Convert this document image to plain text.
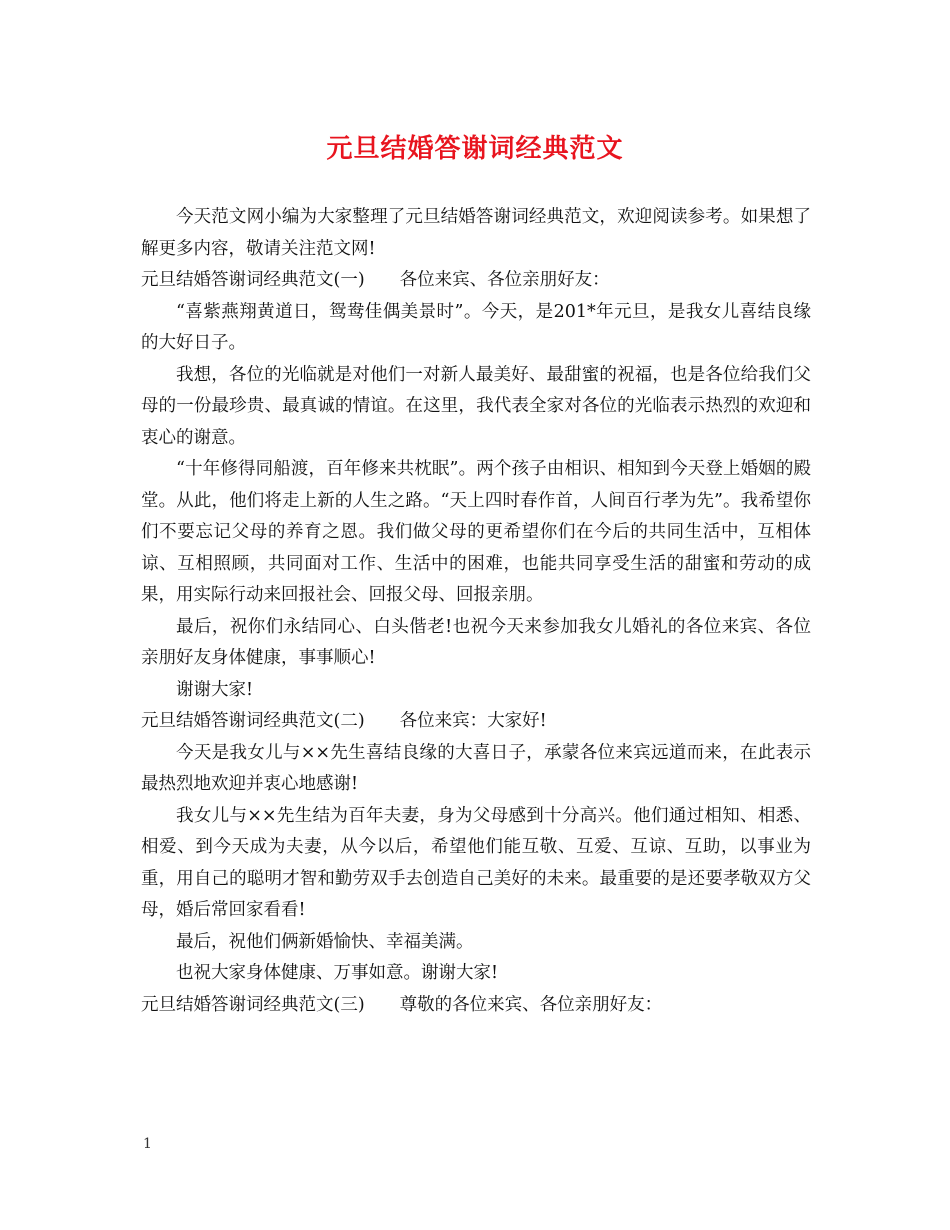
元旦结婚答谢词经典范文

今天范文网小编为大家整理了元旦结婚答谢词经典范文，欢迎阅读参考。如果想了解更多内容，敬请关注范文网!

元旦结婚答谢词经典范文(一)　　各位来宾、各位亲朋好友：

“喜紫燕翔黄道日，鸳鸯佳偶美景时”。今天，是201*年元旦，是我女儿喜结良缘的大好日子。

我想，各位的光临就是对他们一对新人最美好、最甜蜜的祝福，也是各位给我们父母的一份最珍贵、最真诚的情谊。在这里，我代表全家对各位的光临表示热烈的欢迎和衷心的谢意。

“十年修得同船渡，百年修来共枕眠”。两个孩子由相识、相知到今天登上婚姻的殿堂。从此，他们将走上新的人生之路。“天上四时春作首，人间百行孝为先”。我希望你们不要忘记父母的养育之恩。我们做父母的更希望你们在今后的共同生活中，互相体谅、互相照顾，共同面对工作、生活中的困难，也能共同享受生活的甜蜜和劳动的成果，用实际行动来回报社会、回报父母、回报亲朋。

最后，祝你们永结同心、白头偕老!也祝今天来参加我女儿婚礼的各位来宾、各位亲朋好友身体健康，事事顺心!

谢谢大家!

元旦结婚答谢词经典范文(二)　　各位来宾：大家好!

今天是我女儿与××先生喜结良缘的大喜日子，承蒙各位来宾远道而来，在此表示最热烈地欢迎并衷心地感谢!

我女儿与××先生结为百年夫妻，身为父母感到十分高兴。他们通过相知、相悉、相爱、到今天成为夫妻，从今以后，希望他们能互敬、互爱、互谅、互助，以事业为重，用自己的聪明才智和勤劳双手去创造自己美好的未来。最重要的是还要孝敬双方父母，婚后常回家看看!

最后，祝他们俩新婚愉快、幸福美满。

也祝大家身体健康、万事如意。谢谢大家!

元旦结婚答谢词经典范文(三)　　尊敬的各位来宾、各位亲朋好友：

1
